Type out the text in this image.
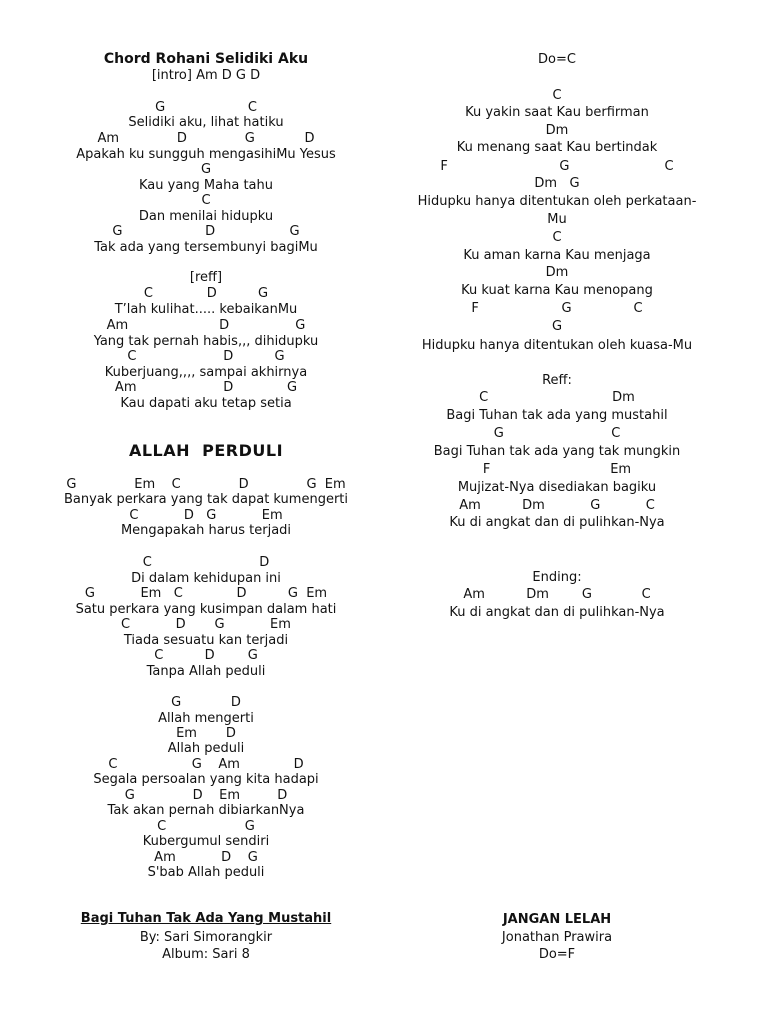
Chord Rohani Selidiki Aku
[intro] Am D G D
G                    C
Selidiki aku, lihat hatiku
Am              D              G            D
Apakah ku sungguh mengasihiMu Yesus
G
Kau yang Maha tahu
C
Dan menilai hidupku
G                    D                  G
Tak ada yang tersembunyi bagiMu
[reff]
C             D          G
T’lah kulihat..... kebaikanMu
Am                      D                G
Yang tak pernah habis,,, dihidupku
C                     D          G
Kuberjuang,,,, sampai akhirnya
Am                     D             G
Kau dapati aku tetap setia
ALLAH  PERDULI
G              Em    C              D              G  Em
Banyak perkara yang tak dapat kumengerti
C           D   G           Em
Mengapakah harus terjadi
C                          D
Di dalam kehidupan ini
G           Em   C             D          G  Em
Satu perkara yang kusimpan dalam hati
C           D       G           Em
Tiada sesuatu kan terjadi
C          D        G
Tanpa Allah peduli
G            D
Allah mengerti
Em       D
Allah peduli
C                  G    Am             D
Segala persoalan yang kita hadapi
G              D    Em         D
Tak akan pernah dibiarkanNya
C                   G
Kubergumul sendiri
Am           D    G
S'bab Allah peduli
Bagi Tuhan Tak Ada Yang Mustahil
By: Sari Simorangkir
Album: Sari 8
Do=C
C
Ku yakin saat Kau berfirman
Dm
Ku menang saat Kau bertindak
F                           G                       C
Dm   G
Hidupku hanya ditentukan oleh perkataan-
Mu
C
Ku aman karna Kau menjaga
Dm
Ku kuat karna Kau menopang
F                    G               C
G
Hidupku hanya ditentukan oleh kuasa-Mu
Reff:
C                              Dm
Bagi Tuhan tak ada yang mustahil
G                          C
Bagi Tuhan tak ada yang tak mungkin
F                             Em
Mujizat-Nya disediakan bagiku
Am          Dm           G           C
Ku di angkat dan di pulihkan-Nya
Ending:
Am          Dm        G            C
Ku di angkat dan di pulihkan-Nya
JANGAN LELAH
Jonathan Prawira
Do=F
